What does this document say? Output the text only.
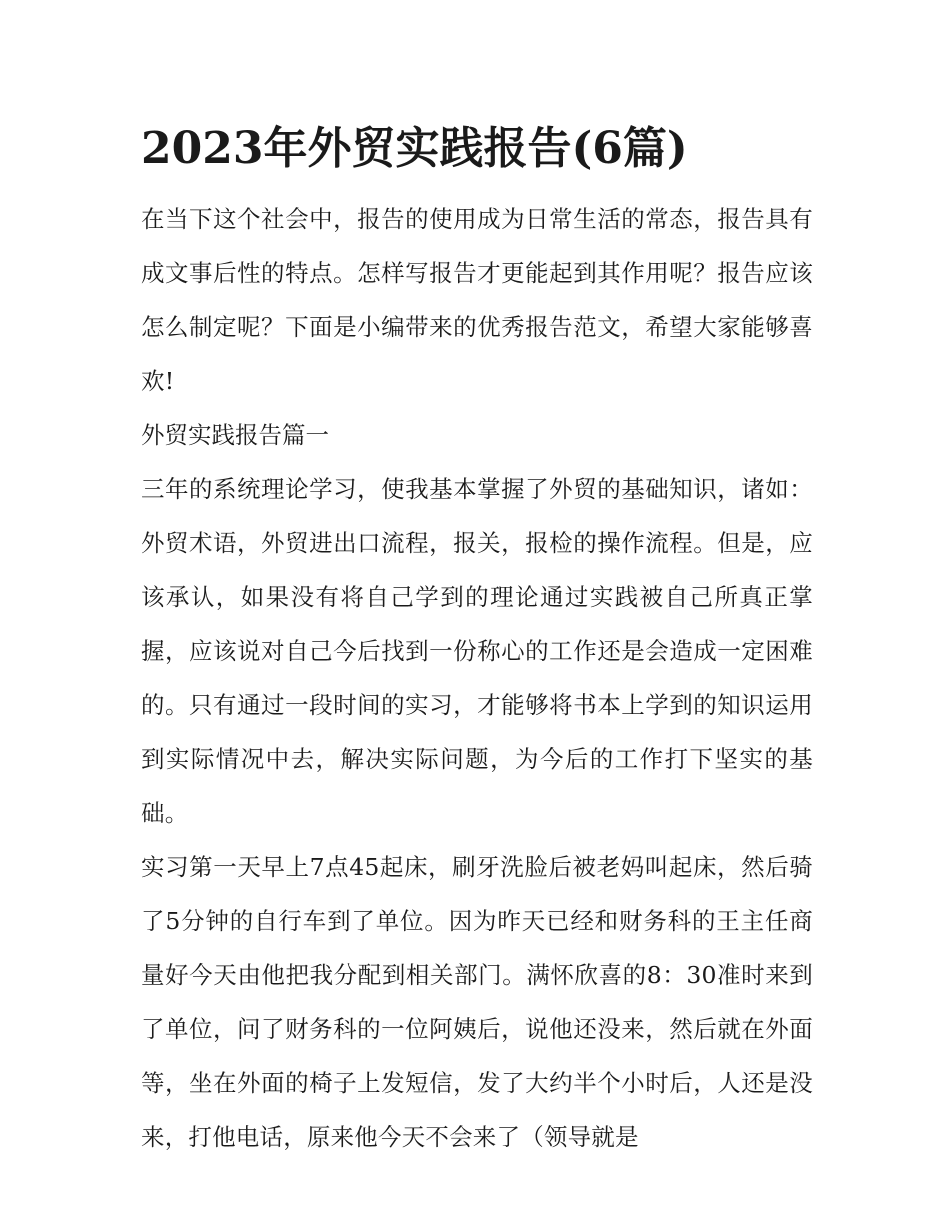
2023年外贸实践报告(6篇)

在当下这个社会中，报告的使用成为日常生活的常态，报告具有成文事后性的特点。怎样写报告才更能起到其作用呢？报告应该怎么制定呢？下面是小编带来的优秀报告范文，希望大家能够喜欢!

外贸实践报告篇一

三年的系统理论学习，使我基本掌握了外贸的基础知识，诸如：外贸术语，外贸进出口流程，报关，报检的操作流程。但是，应该承认，如果没有将自己学到的理论通过实践被自己所真正掌握，应该说对自己今后找到一份称心的工作还是会造成一定困难的。只有通过一段时间的实习，才能够将书本上学到的知识运用到实际情况中去，解决实际问题，为今后的工作打下坚实的基础。

实习第一天早上7点45起床，刷牙洗脸后被老妈叫起床，然后骑了5分钟的自行车到了单位。因为昨天已经和财务科的王主任商量好今天由他把我分配到相关部门。满怀欣喜的8：30准时来到了单位，问了财务科的一位阿姨后，说他还没来，然后就在外面等，坐在外面的椅子上发短信，发了大约半个小时后，人还是没来，打他电话，原来他今天不会来了（领导就是
